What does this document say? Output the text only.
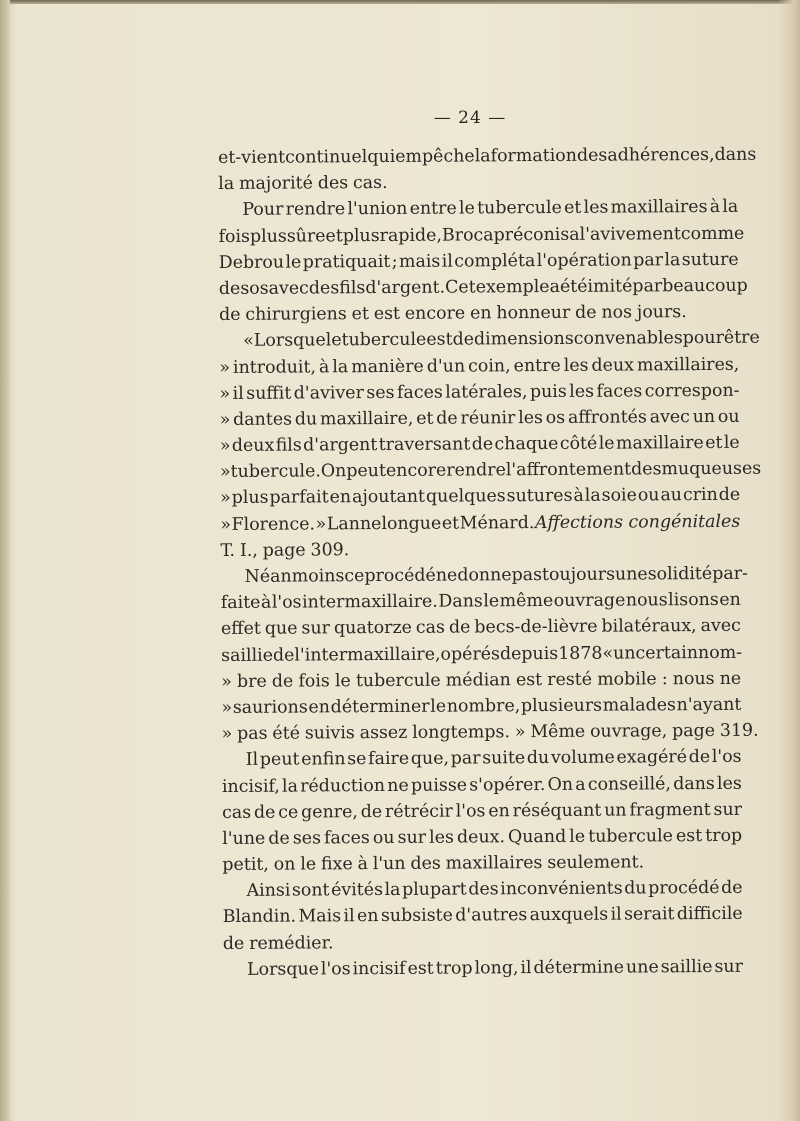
— 24 —
et-vient continuel qui empêche la formation des adhérences, dans
la majorité des cas.
Pour rendre l'union entre le tubercule et les maxillaires à la
fois plus sûre et plus rapide, Broca préconisa l'avivement comme
Debrou le pratiquait ; mais il compléta l'opération par la suture
des os avec des fils d'argent. Cet exemple a été imité par beaucoup
de chirurgiens et est encore en honneur de nos jours.
« Lorsque le tubercule est de dimensions convenables pour être
» introduit, à la manière d'un coin, entre les deux maxillaires,
» il suffit d'aviver ses faces latérales, puis les faces correspon-
» dantes du maxillaire, et de réunir les os affrontés avec un ou
» deux fils d'argent traversant de chaque côté le maxillaire et le
» tubercule. On peut encore rendre l'affrontement des muqueuses
» plus parfait en ajoutant quelques sutures à la soie ou au crin de
» Florence. » Lannelongue et Ménard. Affections congénitales
T. I., page 309.
Néanmoins ce procédé ne donne pas toujours une solidité par-
faite à l'os intermaxillaire. Dans le même ouvrage nous lisons en
effet que sur quatorze cas de becs-de-lièvre bilatéraux, avec
saillie de l'intermaxillaire, opérés depuis 1878 « un certain nom-
» bre de fois le tubercule médian est resté mobile : nous ne
» saurions en déterminer le nombre, plusieurs malades n'ayant
» pas été suivis assez longtemps. » Même ouvrage, page 319.
Il peut enfin se faire que, par suite du volume exagéré de l'os
incisif, la réduction ne puisse s'opérer. On a conseillé, dans les
cas de ce genre, de rétrécir l'os en réséquant un fragment sur
l'une de ses faces ou sur les deux. Quand le tubercule est trop
petit, on le fixe à l'un des maxillaires seulement.
Ainsi sont évités la plupart des inconvénients du procédé de
Blandin. Mais il en subsiste d'autres auxquels il serait difficile
de remédier.
Lorsque l'os incisif est trop long, il détermine une saillie sur
